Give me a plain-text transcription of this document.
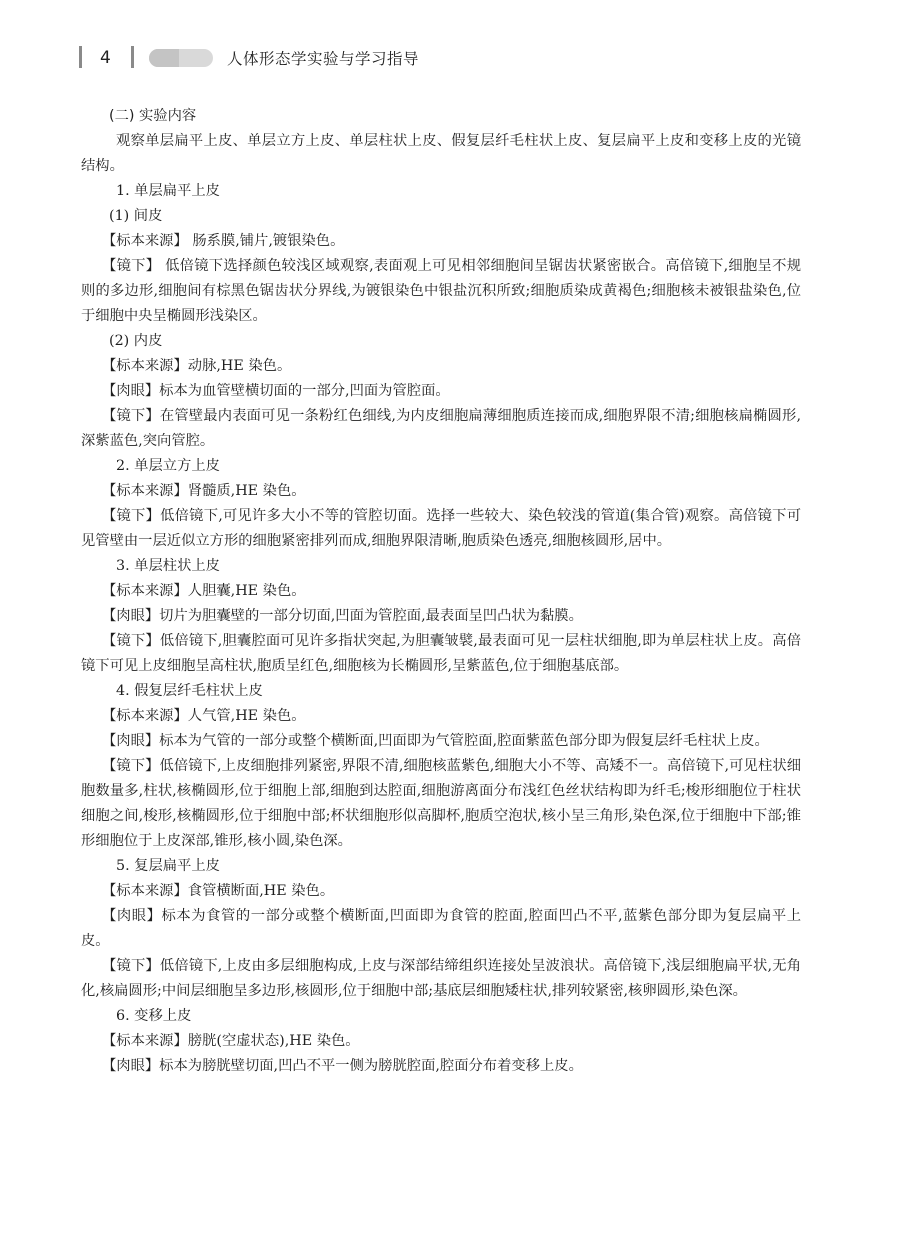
4	人体形态学实验与学习指导

(二) 实验内容

观察单层扁平上皮、单层立方上皮、单层柱状上皮、假复层纤毛柱状上皮、复层扁平上皮和变移上皮的光镜结构。

1. 单层扁平上皮

(1) 间皮

【标本来源】 肠系膜,铺片,镀银染色。

【镜下】 低倍镜下选择颜色较浅区域观察,表面观上可见相邻细胞间呈锯齿状紧密嵌合。高倍镜下,细胞呈不规则的多边形,细胞间有棕黑色锯齿状分界线,为镀银染色中银盐沉积所致;细胞质染成黄褐色;细胞核未被银盐染色,位于细胞中央呈椭圆形浅染区。

(2) 内皮

【标本来源】动脉,HE 染色。

【肉眼】标本为血管壁横切面的一部分,凹面为管腔面。

【镜下】在管壁最内表面可见一条粉红色细线,为内皮细胞扁薄细胞质连接而成,细胞界限不清;细胞核扁椭圆形,深紫蓝色,突向管腔。

2. 单层立方上皮

【标本来源】肾髓质,HE 染色。

【镜下】低倍镜下,可见许多大小不等的管腔切面。选择一些较大、染色较浅的管道(集合管)观察。高倍镜下可见管壁由一层近似立方形的细胞紧密排列而成,细胞界限清晰,胞质染色透亮,细胞核圆形,居中。

3. 单层柱状上皮

【标本来源】人胆囊,HE 染色。

【肉眼】切片为胆囊壁的一部分切面,凹面为管腔面,最表面呈凹凸状为黏膜。

【镜下】低倍镜下,胆囊腔面可见许多指状突起,为胆囊皱襞,最表面可见一层柱状细胞,即为单层柱状上皮。高倍镜下可见上皮细胞呈高柱状,胞质呈红色,细胞核为长椭圆形,呈紫蓝色,位于细胞基底部。

4. 假复层纤毛柱状上皮

【标本来源】人气管,HE 染色。

【肉眼】标本为气管的一部分或整个横断面,凹面即为气管腔面,腔面紫蓝色部分即为假复层纤毛柱状上皮。

【镜下】低倍镜下,上皮细胞排列紧密,界限不清,细胞核蓝紫色,细胞大小不等、高矮不一。高倍镜下,可见柱状细胞数量多,柱状,核椭圆形,位于细胞上部,细胞到达腔面,细胞游离面分布浅红色丝状结构即为纤毛;梭形细胞位于柱状细胞之间,梭形,核椭圆形,位于细胞中部;杯状细胞形似高脚杯,胞质空泡状,核小呈三角形,染色深,位于细胞中下部;锥形细胞位于上皮深部,锥形,核小圆,染色深。

5. 复层扁平上皮

【标本来源】食管横断面,HE 染色。

【肉眼】标本为食管的一部分或整个横断面,凹面即为食管的腔面,腔面凹凸不平,蓝紫色部分即为复层扁平上皮。

【镜下】低倍镜下,上皮由多层细胞构成,上皮与深部结缔组织连接处呈波浪状。高倍镜下,浅层细胞扁平状,无角化,核扁圆形;中间层细胞呈多边形,核圆形,位于细胞中部;基底层细胞矮柱状,排列较紧密,核卵圆形,染色深。

6. 变移上皮

【标本来源】膀胱(空虚状态),HE 染色。

【肉眼】标本为膀胱壁切面,凹凸不平一侧为膀胱腔面,腔面分布着变移上皮。
